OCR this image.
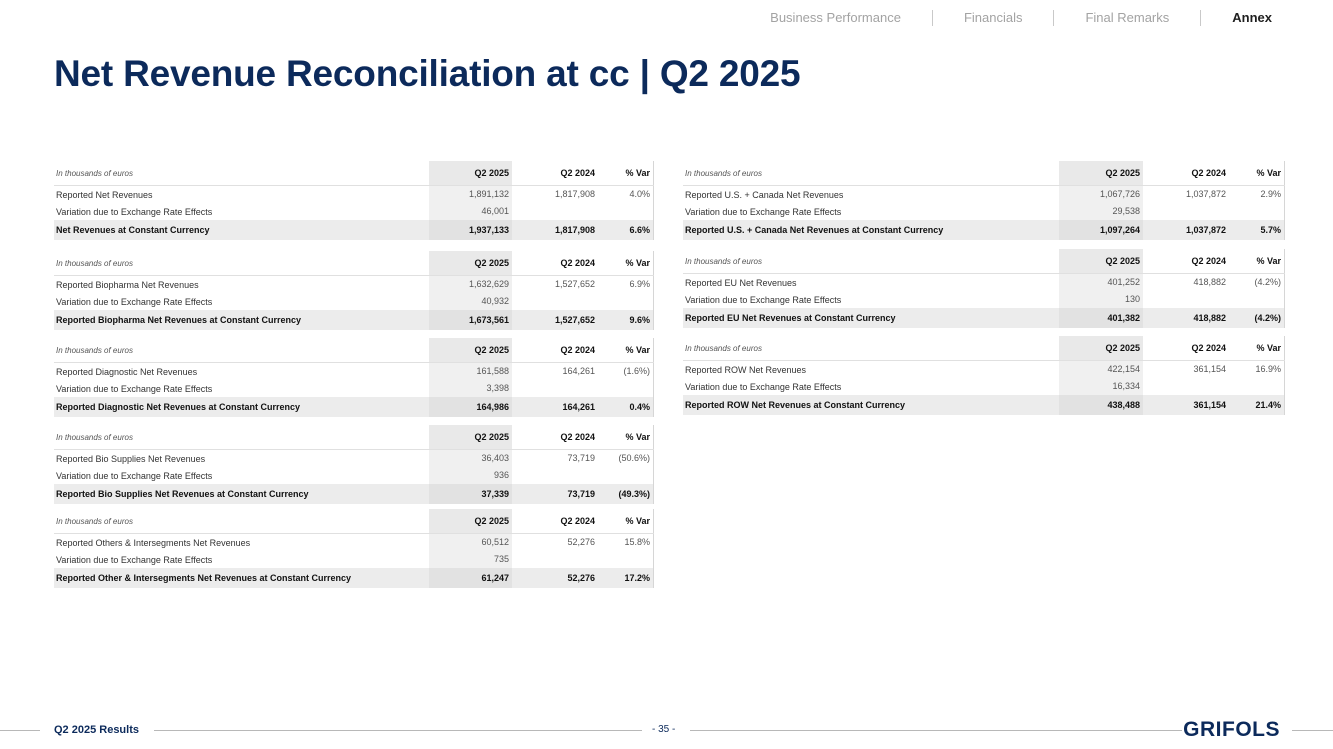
Business Performance	Financials	Final Remarks	Annex
Net Revenue Reconciliation at cc | Q2 2025
In thousands of euros	Q2 2025	Q2 2024	% Var
Reported Net Revenues	1,891,132	1,817,908	4.0%
Variation due to Exchange Rate Effects	46,001
Net Revenues at Constant Currency	1,937,133	1,817,908	6.6%
In thousands of euros	Q2 2025	Q2 2024	% Var
Reported Biopharma Net Revenues	1,632,629	1,527,652	6.9%
Variation due to Exchange Rate Effects	40,932
Reported Biopharma Net Revenues at Constant Currency	1,673,561	1,527,652	9.6%
In thousands of euros	Q2 2025	Q2 2024	% Var
Reported Diagnostic Net Revenues	161,588	164,261	(1.6%)
Variation due to Exchange Rate Effects	3,398
Reported Diagnostic Net Revenues at Constant Currency	164,986	164,261	0.4%
In thousands of euros	Q2 2025	Q2 2024	% Var
Reported Bio Supplies Net Revenues	36,403	73,719	(50.6%)
Variation due to Exchange Rate Effects	936
Reported Bio Supplies Net Revenues at Constant Currency	37,339	73,719	(49.3%)
In thousands of euros	Q2 2025	Q2 2024	% Var
Reported Others & Intersegments Net Revenues	60,512	52,276	15.8%
Variation due to Exchange Rate Effects	735
Reported Other & Intersegments Net Revenues at Constant Currency	61,247	52,276	17.2%
In thousands of euros	Q2 2025	Q2 2024	% Var
Reported U.S. + Canada Net Revenues	1,067,726	1,037,872	2.9%
Variation due to Exchange Rate Effects	29,538
Reported U.S. + Canada Net Revenues at Constant Currency	1,097,264	1,037,872	5.7%
In thousands of euros	Q2 2025	Q2 2024	% Var
Reported EU Net Revenues	401,252	418,882	(4.2%)
Variation due to Exchange Rate Effects	130
Reported EU Net Revenues at Constant Currency	401,382	418,882	(4.2%)
In thousands of euros	Q2 2025	Q2 2024	% Var
Reported ROW Net Revenues	422,154	361,154	16.9%
Variation due to Exchange Rate Effects	16,334
Reported ROW Net Revenues at Constant Currency	438,488	361,154	21.4%
Q2 2025 Results	- 35 -	GRIFOLS
